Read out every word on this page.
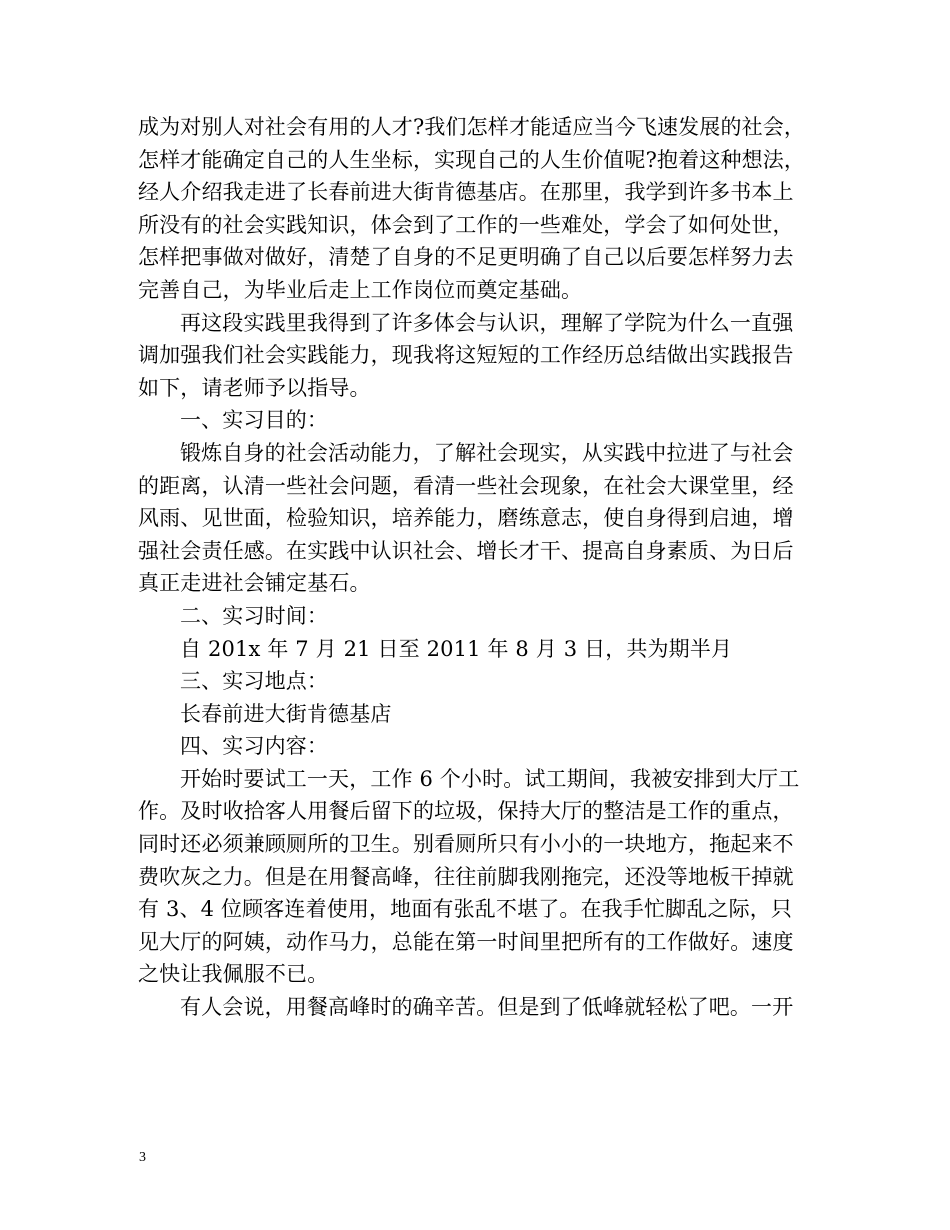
成为对别人对社会有用的人才?我们怎样才能适应当今飞速发展的社会，
怎样才能确定自己的人生坐标，实现自己的人生价值呢?抱着这种想法，
经人介绍我走进了长春前进大街肯德基店。在那里，我学到许多书本上
所没有的社会实践知识，体会到了工作的一些难处，学会了如何处世，
怎样把事做对做好，清楚了自身的不足更明确了自己以后要怎样努力去
完善自己，为毕业后走上工作岗位而奠定基础。
再这段实践里我得到了许多体会与认识，理解了学院为什么一直强
调加强我们社会实践能力，现我将这短短的工作经历总结做出实践报告
如下，请老师予以指导。
一、实习目的：
锻炼自身的社会活动能力，了解社会现实，从实践中拉进了与社会
的距离，认清一些社会问题，看清一些社会现象，在社会大课堂里，经
风雨、见世面，检验知识，培养能力，磨练意志，使自身得到启迪，增
强社会责任感。在实践中认识社会、增长才干、提高自身素质、为日后
真正走进社会铺定基石。
二、实习时间：
自 201x 年 7 月 21 日至 2011 年 8 月 3 日，共为期半月
三、实习地点：
长春前进大街肯德基店
四、实习内容：
开始时要试工一天，工作 6 个小时。试工期间，我被安排到大厅工
作。及时收拾客人用餐后留下的垃圾，保持大厅的整洁是工作的重点，
同时还必须兼顾厕所的卫生。别看厕所只有小小的一块地方，拖起来不
费吹灰之力。但是在用餐高峰，往往前脚我刚拖完，还没等地板干掉就
有 3、4 位顾客连着使用，地面有张乱不堪了。在我手忙脚乱之际，只
见大厅的阿姨，动作马力，总能在第一时间里把所有的工作做好。速度
之快让我佩服不已。
有人会说，用餐高峰时的确辛苦。但是到了低峰就轻松了吧。一开
3
